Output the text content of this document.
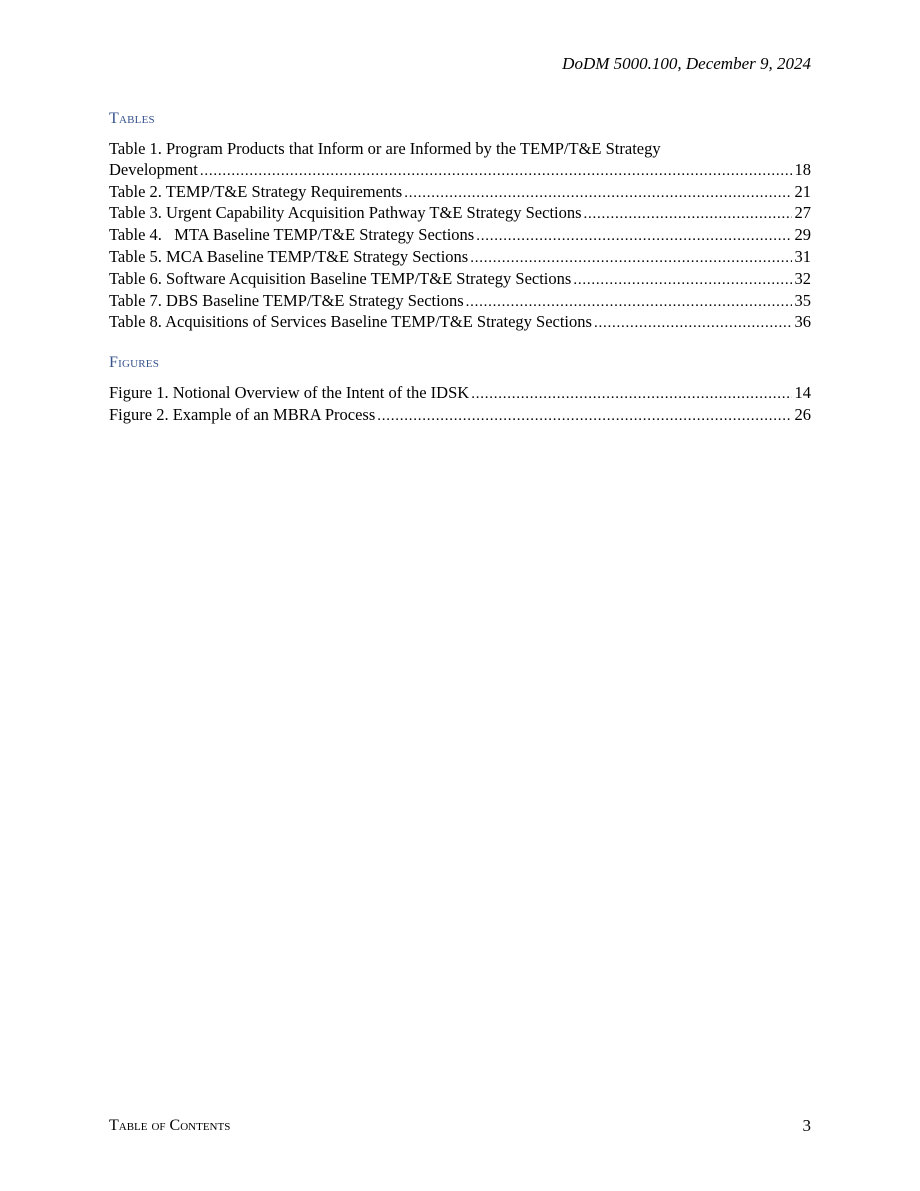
DoDM 5000.100, December 9, 2024
Tables
Table 1. Program Products that Inform or are Informed by the TEMP/T&E Strategy
Development . . .	18
Table 2. TEMP/T&E Strategy Requirements . . .	21
Table 3. Urgent Capability Acquisition Pathway T&E Strategy Sections . . .	27
Table 4.   MTA Baseline TEMP/T&E Strategy Sections . . .	29
Table 5. MCA Baseline TEMP/T&E Strategy Sections . . .	31
Table 6. Software Acquisition Baseline TEMP/T&E Strategy Sections . . .	32
Table 7. DBS Baseline TEMP/T&E Strategy Sections . . .	35
Table 8. Acquisitions of Services Baseline TEMP/T&E Strategy Sections . . .	36
Figures
Figure 1. Notional Overview of the Intent of the IDSK . . .	14
Figure 2. Example of an MBRA Process . . .	26
Table of Contents	3
